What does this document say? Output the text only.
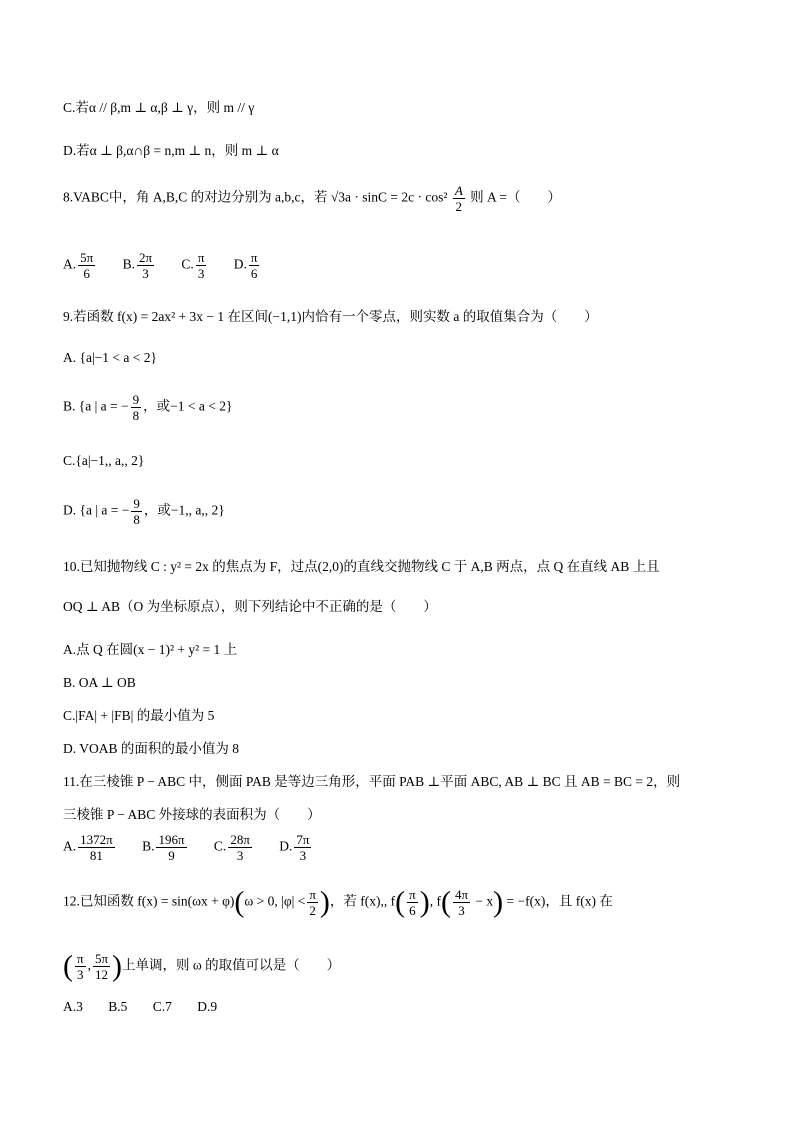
C.若α // β,m ⊥ α,β ⊥ γ，则 m // γ
D.若α ⊥ β,α∩β = n,m ⊥ n，则 m ⊥ α
8.VABC中，角 A,B,C 的对边分别为 a,b,c，若 $√3a \cdot \sin C = 2c \cdot \cos^2 \frac{A}{2}$ 则 A =（　　）
A. $\frac{5\pi}{6} B$. $\frac{2\pi}{3} C$. $\frac{\pi}{3} D$. $\frac{\pi}{6}$
9.若函数 f(x) = 2ax² + 3x − 1 在区间(−1,1)内恰有一个零点，则实数 a 的取值集合为（　　）
A. {a|−1 < a < 2}
B. {a | a = − $\frac{9}{8}$ ，或−1 < a < 2}
C.{a|−1,, a,, 2}
D. {a | a = − $\frac{9}{8}$ ，或−1,, a,, 2}
10.已知抛物线 C : y² = 2x 的焦点为 F，过点(2,0)的直线交抛物线 C 于 A,B 两点，点 Q 在直线 AB 上且
OQ ⊥ AB（O 为坐标原点），则下列结论中不正确的是（　　）
A.点 Q 在圆(x − 1)² + y² = 1 上
B. OA ⊥ OB
C.|FA| + |FB| 的最小值为 5
D. VOAB 的面积的最小值为 8
11.在三棱锥 P − ABC 中，侧面 PAB 是等边三角形，平面 PAB ⊥平面 ABC, AB ⊥ BC 且 AB = BC = 2，则
三棱锥 P − ABC 外接球的表面积为（　　）
A. $\frac{1372\pi}{81} B$. $\frac{196\pi}{9} C$. $\frac{28\pi}{3} D$. $\frac{7\pi}{3}$
12.已知函数 f(x) = sin(ωx + φ)(ω > 0, $|\varphi| < \frac{\pi}{2}$ )，若 f(x),, $f( \frac{\pi}{6}$ ), $f( \frac{4\pi}{3} - x) = -f(x)$，且 f(x) 在
( $\frac{\pi}{3}$ , $\frac{5\pi}{12}$ )上单调，则 ω 的取值可以是（　　）
A.3 B.5 C.7 D.9
